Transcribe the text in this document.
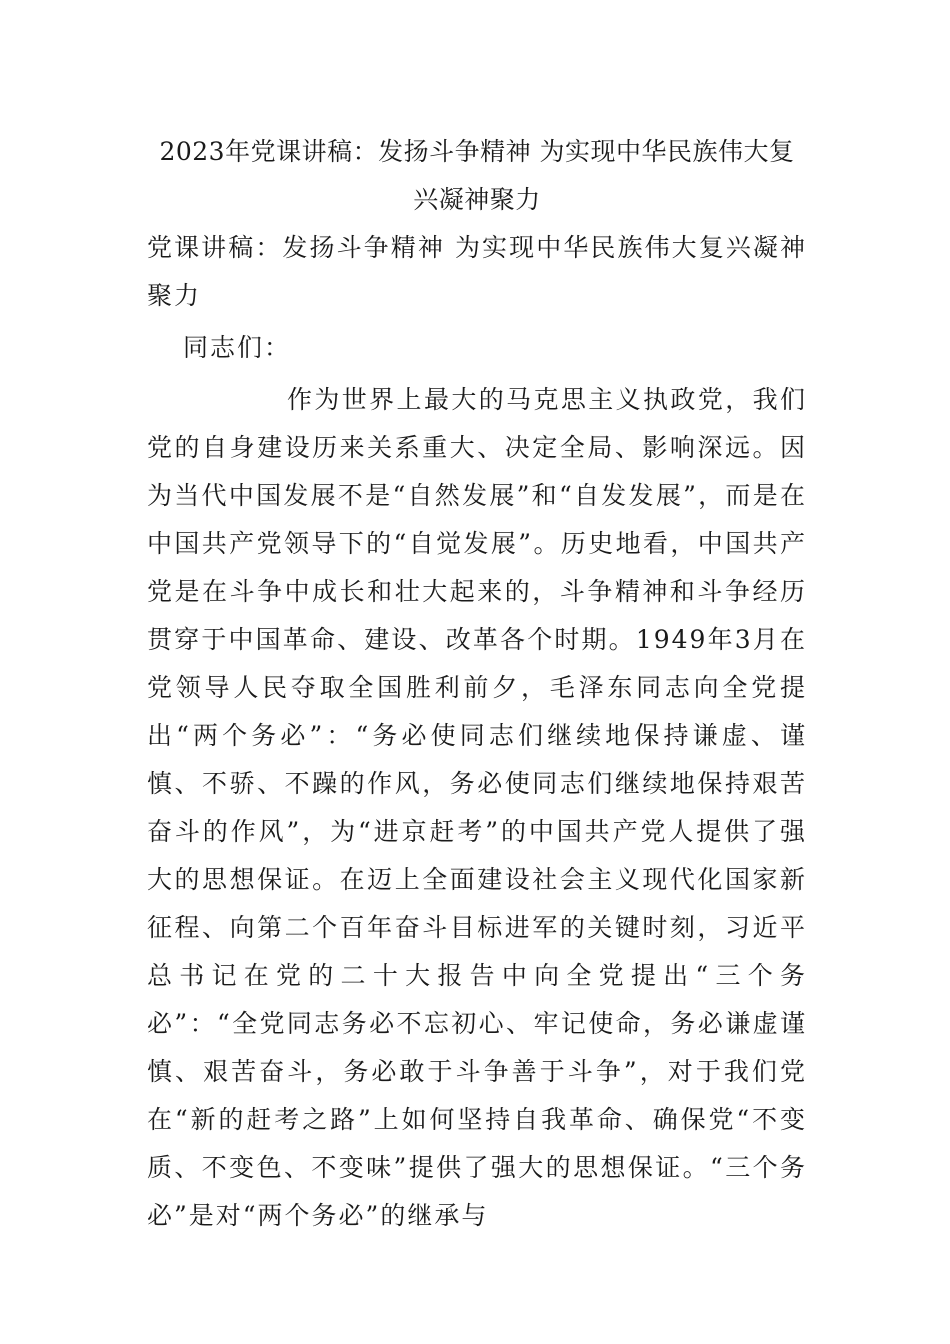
2023年党课讲稿：发扬斗争精神 为实现中华民族伟大复兴凝神聚力
党课讲稿：发扬斗争精神 为实现中华民族伟大复兴凝神聚力

同志们：

作为世界上最大的马克思主义执政党，我们党的自身建设历来关系重大、决定全局、影响深远。因为当代中国发展不是“自然发展”和“自发发展”，而是在中国共产党领导下的“自觉发展”。历史地看，中国共产党是在斗争中成长和壮大起来的，斗争精神和斗争经历贯穿于中国革命、建设、改革各个时期。1949年3月在党领导人民夺取全国胜利前夕，毛泽东同志向全党提出“两个务必”：“务必使同志们继续地保持谦虚、谨慎、不骄、不躁的作风，务必使同志们继续地保持艰苦奋斗的作风”，为“进京赶考”的中国共产党人提供了强大的思想保证。在迈上全面建设社会主义现代化国家新征程、向第二个百年奋斗目标进军的关键时刻，习近平总书记在党的二十大报告中向全党提出“三个务必”：“全党同志务必不忘初心、牢记使命，务必谦虚谨慎、艰苦奋斗，务必敢于斗争善于斗争”，对于我们党在“新的赶考之路”上如何坚持自我革命、确保党“不变质、不变色、不变味”提供了强大的思想保证。“三个务必”是对“两个务必”的继承与
